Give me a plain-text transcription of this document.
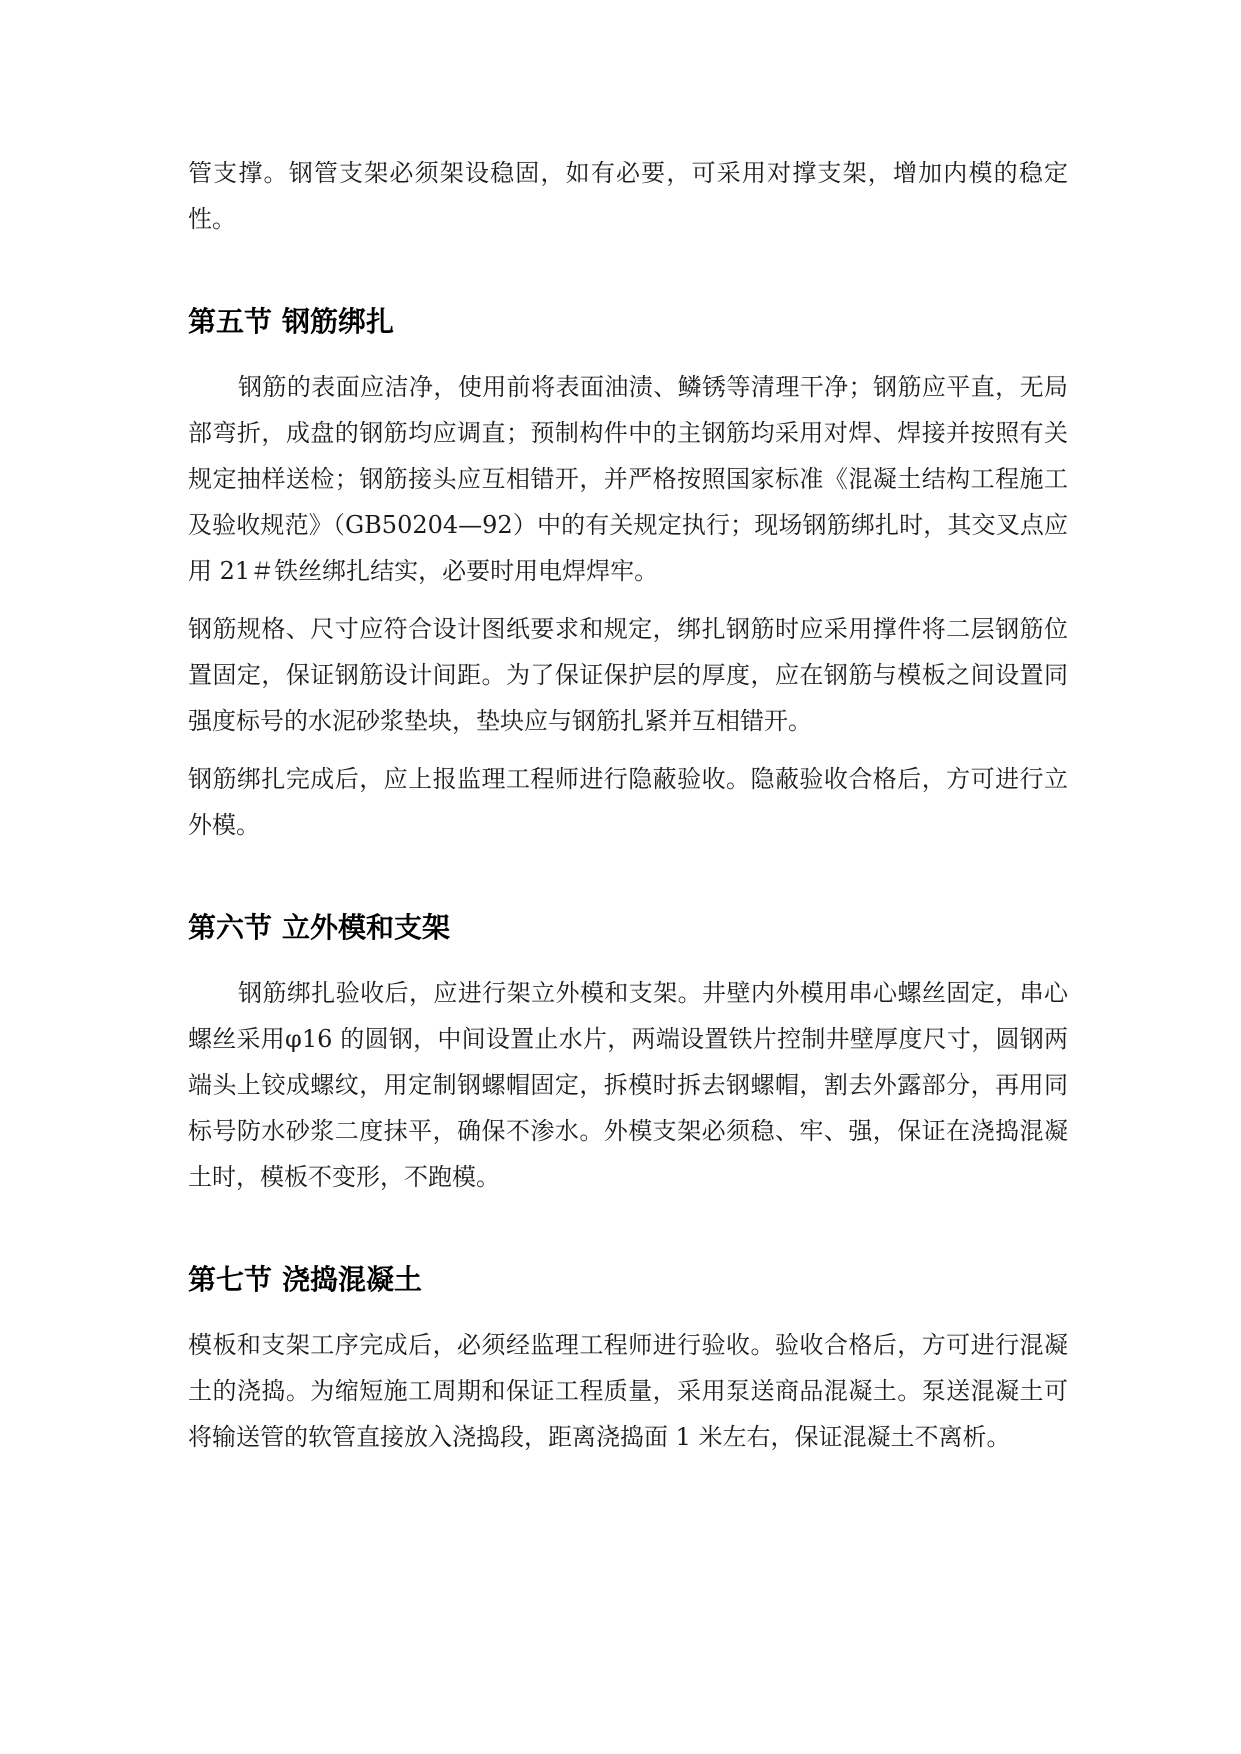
管支撑。钢管支架必须架设稳固，如有必要，可采用对撑支架，增加内模的稳定性。

第五节 钢筋绑扎

钢筋的表面应洁净，使用前将表面油渍、鳞锈等清理干净；钢筋应平直，无局部弯折，成盘的钢筋均应调直；预制构件中的主钢筋均采用对焊、焊接并按照有关规定抽样送检；钢筋接头应互相错开，并严格按照国家标准《混凝土结构工程施工及验收规范》（GB50204—92）中的有关规定执行；现场钢筋绑扎时，其交叉点应用 21＃铁丝绑扎结实，必要时用电焊焊牢。

钢筋规格、尺寸应符合设计图纸要求和规定，绑扎钢筋时应采用撑件将二层钢筋位置固定，保证钢筋设计间距。为了保证保护层的厚度，应在钢筋与模板之间设置同强度标号的水泥砂浆垫块，垫块应与钢筋扎紧并互相错开。

钢筋绑扎完成后，应上报监理工程师进行隐蔽验收。隐蔽验收合格后，方可进行立外模。

第六节 立外模和支架

钢筋绑扎验收后，应进行架立外模和支架。井壁内外模用串心螺丝固定，串心螺丝采用φ16 的圆钢，中间设置止水片，两端设置铁片控制井壁厚度尺寸，圆钢两端头上铰成螺纹，用定制钢螺帽固定，拆模时拆去钢螺帽，割去外露部分，再用同标号防水砂浆二度抹平，确保不渗水。外模支架必须稳、牢、强，保证在浇捣混凝土时，模板不变形，不跑模。

第七节 浇捣混凝土

模板和支架工序完成后，必须经监理工程师进行验收。验收合格后，方可进行混凝土的浇捣。为缩短施工周期和保证工程质量，采用泵送商品混凝土。泵送混凝土可将输送管的软管直接放入浇捣段，距离浇捣面 1 米左右，保证混凝土不离析。
